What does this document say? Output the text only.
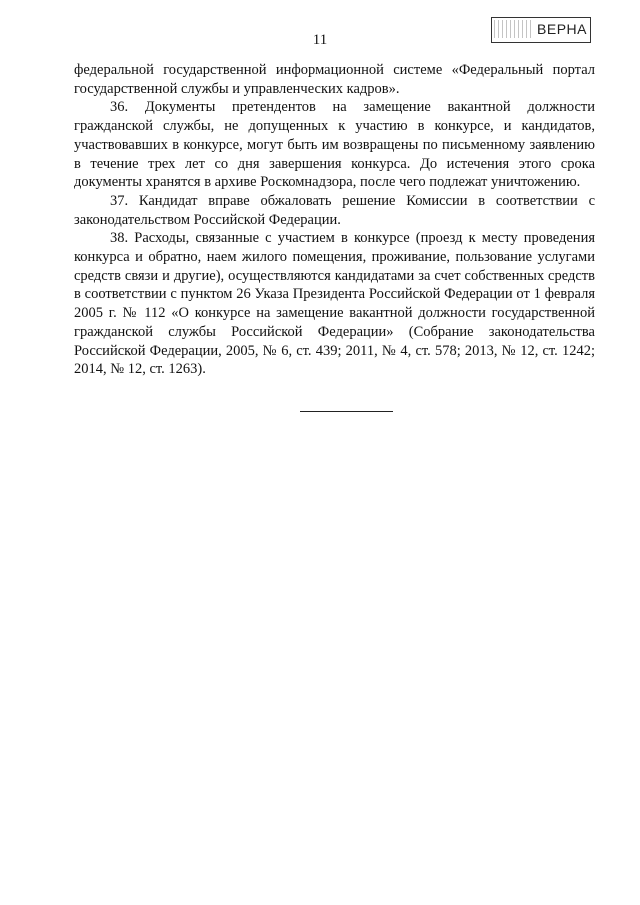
11
ВЕРНА

федеральной государственной информационной системе «Федеральный портал
государственной службы и управленческих кадров».

36. Документы претендентов на замещение вакантной должности гражданской службы, не допущенных к участию в конкурсе, и кандидатов, участвовавших в конкурсе, могут быть им возвращены по письменному заявлению в течение трех лет со дня завершения конкурса. До истечения этого срока документы хранятся в архиве Роскомнадзора, после чего подлежат уничтожению.

37. Кандидат вправе обжаловать решение Комиссии в соответствии с законодательством Российской Федерации.

38. Расходы, связанные с участием в конкурсе (проезд к месту проведения конкурса и обратно, наем жилого помещения, проживание, пользование услугами средств связи и другие), осуществляются кандидатами за счет собственных средств в соответствии с пунктом 26 Указа Президента Российской Федерации от 1 февраля 2005 г. № 112 «О конкурсе на замещение вакантной должности государственной гражданской службы Российской Федерации» (Собрание законодательства Российской Федерации, 2005, № 6, ст. 439; 2011, № 4, ст. 578; 2013, № 12, ст. 1242; 2014, № 12, ст. 1263).
